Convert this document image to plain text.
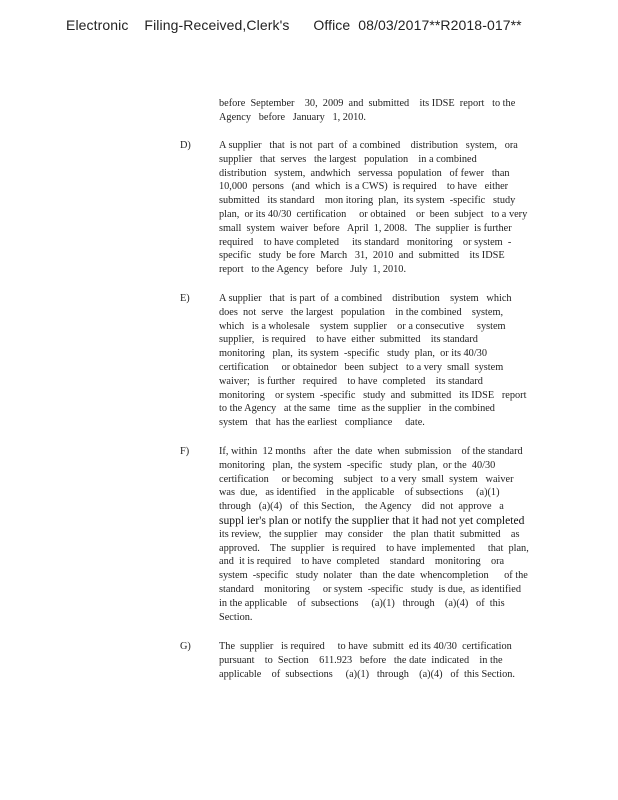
Electronic    Filing-Received,Clerk's      Office  08/03/2017**R2018-017**
before  September    30,  2009  and  submitted    its IDSE  report   to the
Agency   before   January   1, 2010.
D)	A supplier   that  is not  part  of  a combined    distribution   system,   ora
supplier   that  serves   the largest   population    in a combined
distribution   system,  andwhich   servessa  population   of fewer   than
10,000  persons   (and  which  is a CWS)  is required    to have   either
submitted   its standard    mon itoring  plan,  its system  -specific   study
plan,  or its 40/30  certification     or obtained    or  been  subject   to a very
small  system  waiver  before   April  1, 2008.   The  supplier  is further
required    to have completed     its standard   monitoring    or system  -
specific   study  be fore  March   31,  2010  and  submitted    its IDSE
report   to the Agency   before   July  1, 2010.
E)	A supplier   that  is part  of  a combined    distribution    system   which
does  not  serve   the largest   population    in the combined    system,
which   is a wholesale    system  supplier    or a consecutive     system
supplier,   is required    to have  either  submitted    its standard
monitoring   plan,  its system  -specific   study  plan,  or its 40/30
certification     or obtainedor   been  subject   to a very  small  system
waiver;   is further   required    to have  completed    its standard
monitoring    or system  -specific   study  and  submitted   its IDSE   report
to the Agency   at the same   time  as the supplier   in the combined
system   that  has the earliest   compliance     date.
F)	If, within  12 months   after  the  date  when  submission    of the standard
monitoring   plan,  the system  -specific   study  plan,  or the  40/30
certification     or becoming    subject   to a very  small  system   waiver
was  due,   as identified    in the applicable    of subsections     (a)(1)
through   (a)(4)   of  this Section,    the Agency    did  not  approve   a
suppl ier's plan or notify the supplier that it had not yet completed
its review,   the supplier   may  consider    the  plan  thatit  submitted    as
approved.    The  supplier   is required    to have  implemented     that  plan,
and  it is required    to have  completed    standard    monitoring    ora
system  -specific   study  nolater   than  the date  whencompletion      of the
standard    monitoring     or system  -specific   study  is due,  as identified
in the applicable    of  subsections     (a)(1)   through    (a)(4)   of  this
Section.
G)	The  supplier   is required     to have  submitt  ed its 40/30  certification
pursuant    to  Section    611.923   before   the date  indicated    in the
applicable    of  subsections     (a)(1)   through    (a)(4)   of  this Section.
